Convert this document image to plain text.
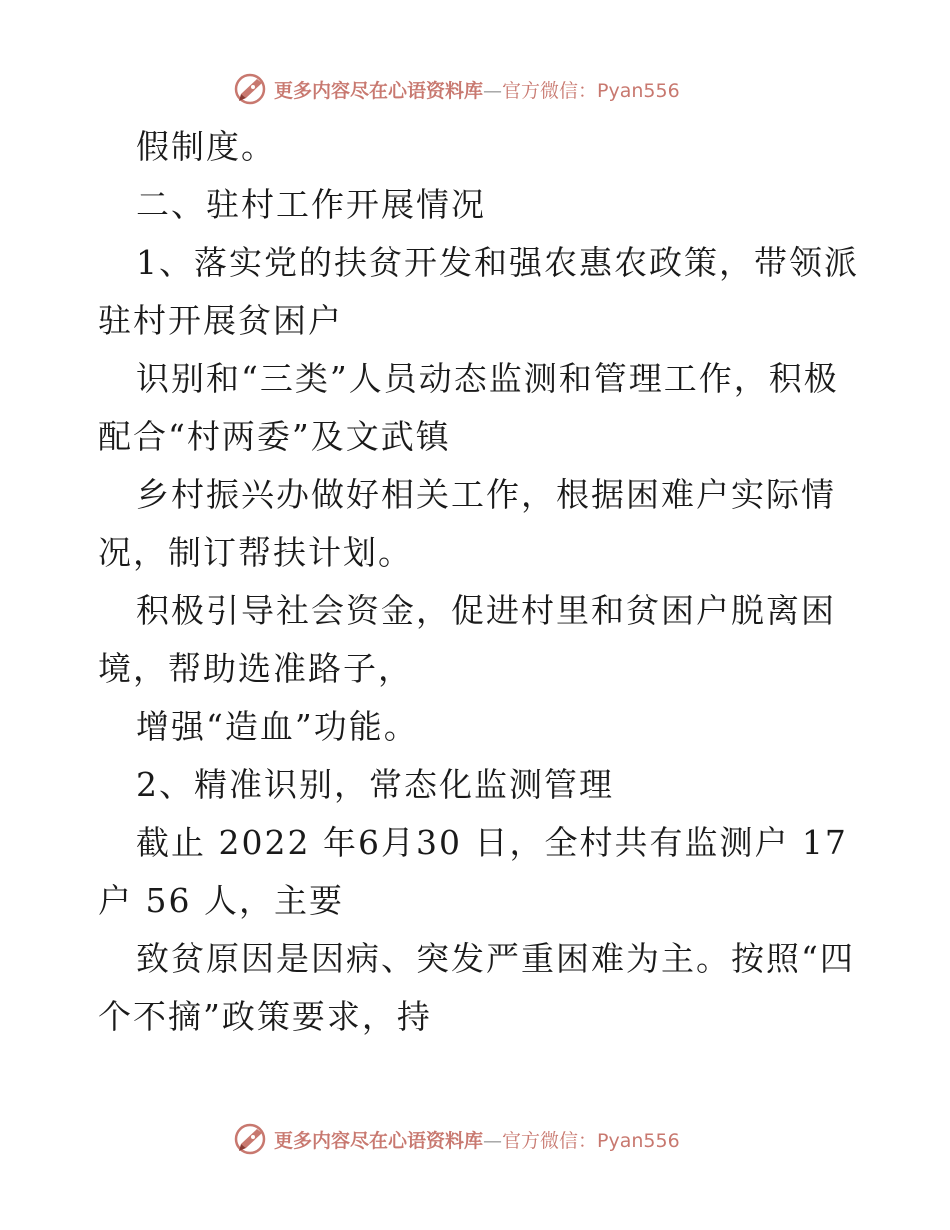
更多内容尽在心语资料库—官方微信：Pyan556
假制度。
二、驻村工作开展情况
1、落实党的扶贫开发和强农惠农政策，带领派
驻村开展贫困户
识别和“三类”人员动态监测和管理工作，积极
配合“村两委”及文武镇
乡村振兴办做好相关工作，根据困难户实际情
况，制订帮扶计划。
积极引导社会资金，促进村里和贫困户脱离困
境，帮助选准路子，
增强“造血”功能。
2、精准识别，常态化监测管理
截止 2022 年6月30 日，全村共有监测户 17
户 56 人，主要
致贫原因是因病、突发严重困难为主。按照“四
个不摘”政策要求，持
更多内容尽在心语资料库—官方微信：Pyan556
